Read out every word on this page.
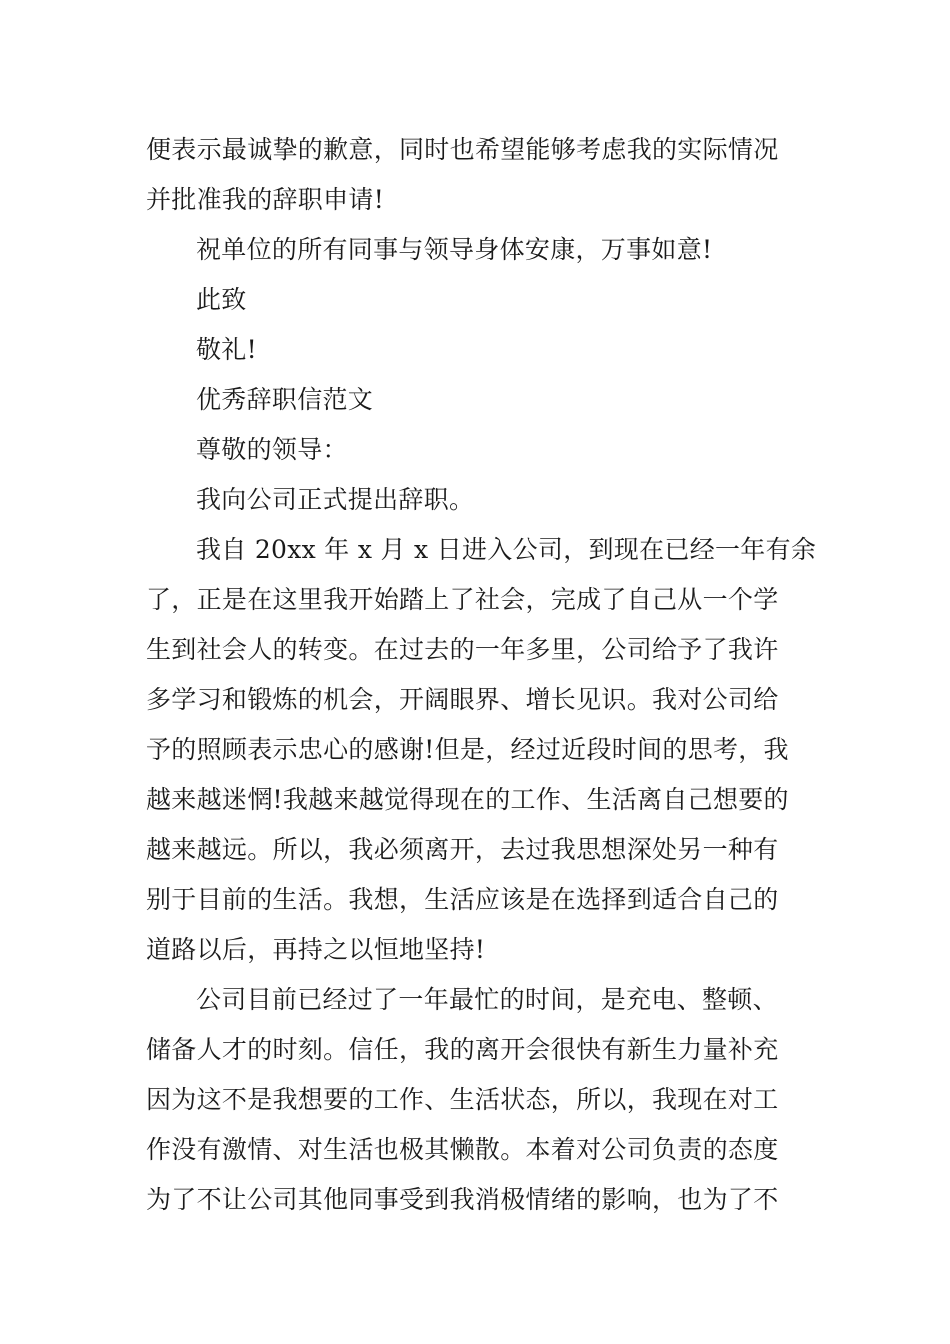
便表示最诚挚的歉意，同时也希望能够考虑我的实际情况
并批准我的辞职申请!
祝单位的所有同事与领导身体安康，万事如意!
此致
敬礼!
优秀辞职信范文
尊敬的领导：
我向公司正式提出辞职。
我自 20xx 年 x 月 x 日进入公司，到现在已经一年有余
了，正是在这里我开始踏上了社会，完成了自己从一个学
生到社会人的转变。在过去的一年多里，公司给予了我许
多学习和锻炼的机会，开阔眼界、增长见识。我对公司给
予的照顾表示忠心的感谢!但是，经过近段时间的思考，我
越来越迷惘!我越来越觉得现在的工作、生活离自己想要的
越来越远。所以，我必须离开，去过我思想深处另一种有
别于目前的生活。我想，生活应该是在选择到适合自己的
道路以后，再持之以恒地坚持!
公司目前已经过了一年最忙的时间，是充电、整顿、
储备人才的时刻。信任，我的离开会很快有新生力量补充
因为这不是我想要的工作、生活状态，所以，我现在对工
作没有激情、对生活也极其懒散。本着对公司负责的态度
为了不让公司其他同事受到我消极情绪的影响，也为了不
